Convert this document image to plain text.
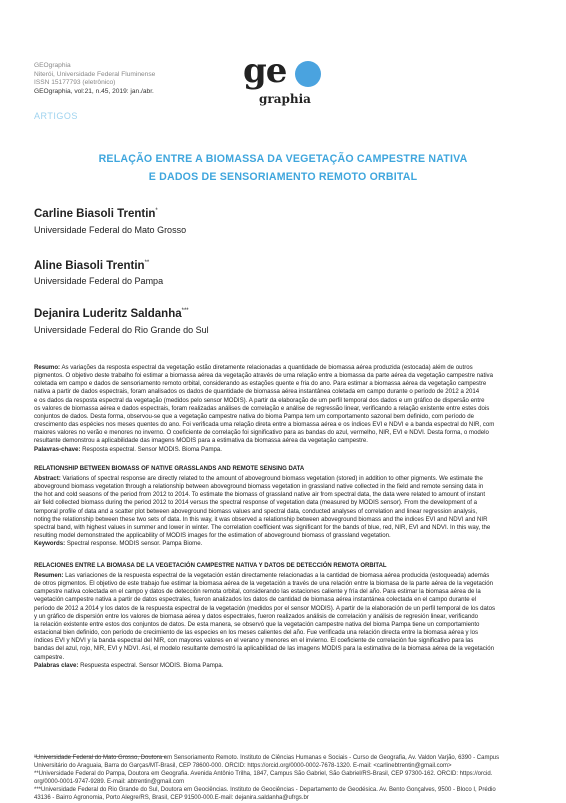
GEOgraphia
Niterói, Universidade Federal Fluminense
ISSN 15177793 (eletrônico)
GEOgraphia, vol:21, n.45, 2019: jan./abr.
ge
graphia
ARTIGOS
RELAÇÃO ENTRE A BIOMASSA DA VEGETAÇÃO CAMPESTRE NATIVA
E DADOS DE SENSORIAMENTO REMOTO ORBITAL
Carline Biasoli Trentin*
Universidade Federal do Mato Grosso
Aline Biasoli Trentin**
Universidade Federal do Pampa
Dejanira Luderitz Saldanha***
Universidade Federal do Rio Grande do Sul
Resumo: As variações da resposta espectral da vegetação estão diretamente relacionadas a quantidade de biomassa aérea produzida (estocada) além de outros
pigmentos. O objetivo deste trabalho foi estimar a biomassa aérea da vegetação através de uma relação entre a biomassa da parte aérea da vegetação campestre nativa
coletada em campo e dados de sensoriamento remoto orbital, considerando as estações quente e fria do ano. Para estimar a biomassa aérea da vegetação campestre
nativa a partir de dados espectrais, foram analisados os dados de quantidade de biomassa aérea instantânea coletada em campo durante o período de 2012 a 2014
e os dados da resposta espectral da vegetação (medidos pelo sensor MODIS). A partir da elaboração de um perfil temporal dos dados e um gráfico de dispersão entre
os valores de biomassa aérea e dados espectrais, foram realizadas análises de correlação e análise de regressão linear, verificando a relação existente entre estes dois
conjuntos de dados. Desta forma, observou-se que a vegetação campestre nativa do bioma Pampa tem um comportamento sazonal bem definido, com período de
crescimento das espécies nos meses quentes do ano. Foi verificada uma relação direta entre a biomassa aérea e os índices EVI e NDVI e a banda espectral do NIR, com
maiores valores no verão e menores no inverno. O coeficiente de correlação foi significativo para as bandas do azul, vermelho, NIR, EVI e NDVI. Desta forma, o modelo
resultante demonstrou a aplicabilidade das imagens MODIS para a estimativa da biomassa aérea da vegetação campestre.
Palavras-chave: Resposta espectral. Sensor MODIS. Bioma Pampa.
RELATIONSHIP BETWEEN BIOMASS OF NATIVE GRASSLANDS AND REMOTE SENSING DATA
Abstract: Variations of spectral response are directly related to the amount of aboveground biomass vegetation (stored) in addition to other pigments. We estimate the
aboveground biomass vegetation through a relationship between aboveground biomass vegetation in grassland native collected in the field and remote sensing data in
the hot and cold seasons of the period from 2012 to 2014. To estimate the biomass of grassland native air from spectral data, the data were related to amount of instant
air field collected biomass during the period 2012 to 2014 versus the spectral response of vegetation data (measured by MODIS sensor). From the development of a
temporal profile of data and a scatter plot between aboveground biomass values and spectral data, conducted analyses of correlation and linear regression analysis,
noting the relationship between these two sets of data. In this way, it was observed a relationship between aboveground biomass and the indices EVI and NDVI and NIR
spectral band, with highest values in summer and lower in winter. The correlation coefficient was significant for the bands of blue, red, NIR, EVI and NDVI. In this way, the
resulting model demonstrated the applicability of MODIS images for the estimation of aboveground biomass of grassland vegetation.
Keywords: Spectral response. MODIS sensor. Pampa Biome.
RELACIONES ENTRE LA BIOMASA DE LA VEGETACIÓN CAMPESTRE NATIVA Y DATOS DE DETECCIÓN REMOTA ORBITAL
Resumen: Las variaciones de la respuesta espectral de la vegetación están directamente relacionadas a la cantidad de biomasa aérea producida (estoqueada) además
de otros pigmentos. El objetivo de este trabajo fue estimar la biomasa aérea de la vegetación a través de una relación entre la biomasa de la parte aérea de la vegetación
campestre nativa colectada en el campo y datos de detección remota orbital, considerando las estaciones caliente y fría del año. Para estimar la biomasa aérea de la
vegetación campestre nativa a partir de datos espectrales, fueron analizados los datos de cantidad de biomasa aérea instantánea colectada en el campo durante el
período de 2012 a 2014 y los datos de la respuesta espectral de la vegetación (medidos por el sensor MODIS). A partir de la elaboración de un perfil temporal de los datos
y un gráfico de dispersión entre los valores de biomasa aérea y datos espectrales, fueron realizados análisis de correlación y análisis de regresión linear, verificando
la relación existente entre estos dos conjuntos de datos. De esta manera, se observó que la vegetación campestre nativa del bioma Pampa tiene un comportamiento
estacional bien definido, con período de crecimiento de las especies en los meses calientes del año. Fue verificada una relación directa entre la biomasa aérea y los
índices EVI y NDVI y la banda espectral del NIR, con mayores valores en el verano y menores en el invierno. El coeficiente de correlación fue significativo para las
bandas del azul, rojo, NIR, EVI y NDVI. Así, el modelo resultante demostró la aplicabilidad de las imagens MODIS para la estimativa de la biomasa aérea de la vegetación
campestre.
Palabras clave: Respuesta espectral. Sensor MODIS. Bioma Pampa.
¹Universidade Federal do Mato Grosso, Doutora em Sensoriamento Remoto. Instituto de Ciências Humanas e Sociais - Curso de Geografia, Av. Valdon Varjão, 6390 - Campus
Universitário do Araguaia, Barra do Garças/MT-Brasil, CEP 78600-000. ORCID: https://orcid.org/0000-0002-7678-1320. E-mail: <carlinebtrentin@gmail.com>
**Universidade Federal do Pampa, Doutora em Geografia. Avenida Antônio Trilha, 1847, Campus São Gabriel, São Gabriel/RS-Brasil, CEP 97300-162. ORCID: https://orcid.
org/0000-0001-9747-9289. E-mail: abtrentin@gmail.com
***Universidade Federal do Rio Grande do Sul, Doutora em Geociências. Instituto de Geociências - Departamento de Geodésica. Av. Bento Gonçalves, 9500 - Bloco I, Prédio
43136 - Bairro Agronomia, Porto Alegre/RS, Brasil, CEP 91500-000.E-mail: dejanira.saldanha@ufrgs.br
